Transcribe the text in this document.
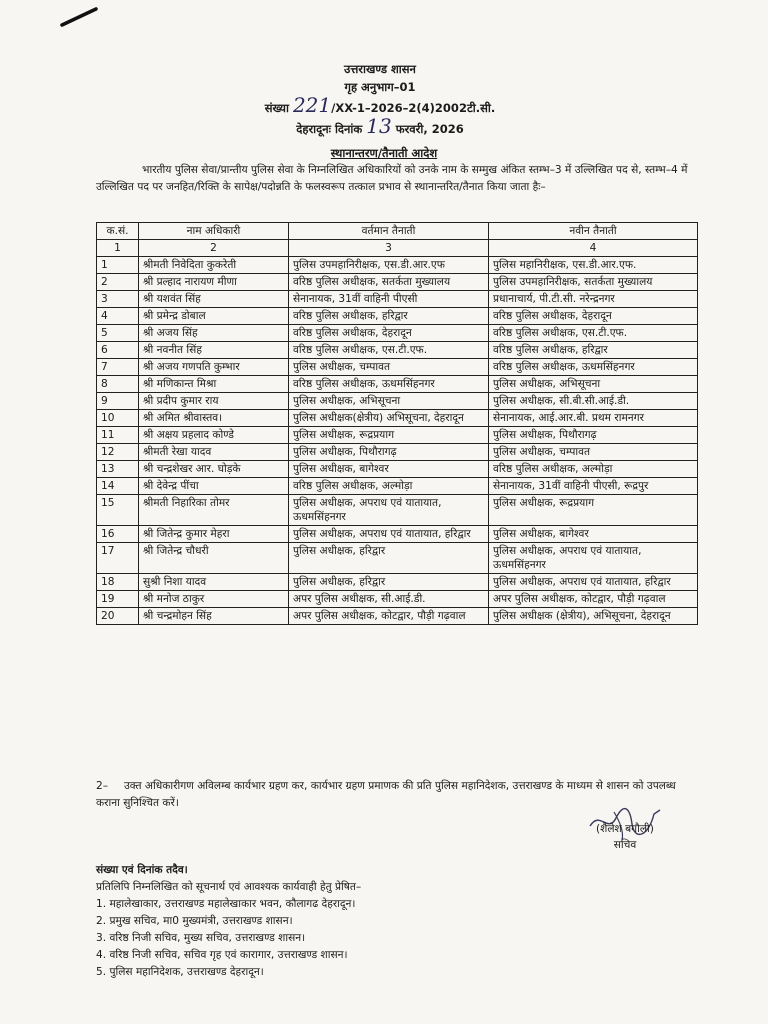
उत्तराखण्ड शासन
गृह अनुभाग–01
संख्या 221/XX-1–2026–2(4)2002टी.सी.
देहरादूनः दिनांक 13 फरवरी, 2026
स्थानान्तरण/तैनाती आदेश
भारतीय पुलिस सेवा/प्रान्तीय पुलिस सेवा के निम्नलिखित अधिकारियों को उनके नाम के सम्मुख अंकित स्तम्भ–3 में उल्लिखित पद से, स्तम्भ–4 में उल्लिखित पद पर जनहित/रिक्ति के सापेक्ष/पदोन्नति के फलस्वरूप तत्काल प्रभाव से स्थानान्तरित/तैनात किया जाता हैः–
क.सं.	नाम अधिकारी	वर्तमान तैनाती	नवीन तैनाती
1	2	3	4
1	श्रीमती निवेदिता कुकरेती	पुलिस उपमहानिरीक्षक, एस.डी.आर.एफ	पुलिस महानिरीक्षक, एस.डी.आर.एफ.
2	श्री प्रल्हाद नारायण मीणा	वरिष्ठ पुलिस अधीक्षक, सतर्कता मुख्यालय	पुलिस उपमहानिरीक्षक, सतर्कता मुख्यालय
3	श्री यशवंत सिंह	सेनानायक, 31वीं वाहिनी पीएसी	प्रधानाचार्य, पी.टी.सी. नरेन्द्रनगर
4	श्री प्रमेन्द्र डोबाल	वरिष्ठ पुलिस अधीक्षक, हरिद्वार	वरिष्ठ पुलिस अधीक्षक, देहरादून
5	श्री अजय सिंह	वरिष्ठ पुलिस अधीक्षक, देहरादून	वरिष्ठ पुलिस अधीक्षक, एस.टी.एफ.
6	श्री नवनीत सिंह	वरिष्ठ पुलिस अधीक्षक, एस.टी.एफ.	वरिष्ठ पुलिस अधीक्षक, हरिद्वार
7	श्री अजय गणपति कुम्भार	पुलिस अधीक्षक, चम्पावत	वरिष्ठ पुलिस अधीक्षक, ऊधमसिंहनगर
8	श्री मणिकान्त मिश्रा	वरिष्ठ पुलिस अधीक्षक, ऊधमसिंहनगर	पुलिस अधीक्षक, अभिसूचना
9	श्री प्रदीप कुमार राय	पुलिस अधीक्षक, अभिसूचना	पुलिस अधीक्षक, सी.बी.सी.आई.डी.
10	श्री अमित श्रीवास्तव।	पुलिस अधीक्षक(क्षेत्रीय) अभिसूचना, देहरादून	सेनानायक, आई.आर.बी. प्रथम रामनगर
11	श्री अक्षय प्रहलाद कोण्डे	पुलिस अधीक्षक, रूद्रप्रयाग	पुलिस अधीक्षक, पिथौरागढ़
12	श्रीमती रेखा यादव	पुलिस अधीक्षक, पिथौरागढ़	पुलिस अधीक्षक, चम्पावत
13	श्री चन्द्रशेखर आर. घोड़के	पुलिस अधीक्षक, बागेश्वर	वरिष्ठ पुलिस अधीक्षक, अल्मोड़ा
14	श्री देवेन्द्र पींचा	वरिष्ठ पुलिस अधीक्षक, अल्मोड़ा	सेनानायक, 31वीं वाहिनी पीएसी, रूद्रपुर
15	श्रीमती निहारिका तोमर	पुलिस अधीक्षक, अपराध एवं यातायात, ऊधमसिंहनगर	पुलिस अधीक्षक, रूद्रप्रयाग
16	श्री जितेन्द्र कुमार मेहरा	पुलिस अधीक्षक, अपराध एवं यातायात, हरिद्वार	पुलिस अधीक्षक, बागेश्वर
17	श्री जितेन्द्र चौधरी	पुलिस अधीक्षक, हरिद्वार	पुलिस अधीक्षक, अपराध एवं यातायात, ऊधमसिंहनगर
18	सुश्री निशा यादव	पुलिस अधीक्षक, हरिद्वार	पुलिस अधीक्षक, अपराध एवं यातायात, हरिद्वार
19	श्री मनोज ठाकुर	अपर पुलिस अधीक्षक, सी.आई.डी.	अपर पुलिस अधीक्षक, कोटद्वार, पौड़ी गढ़वाल
20	श्री चन्द्रमोहन सिंह	अपर पुलिस अधीक्षक, कोटद्वार, पौड़ी गढ़वाल	पुलिस अधीक्षक (क्षेत्रीय), अभिसूचना, देहरादून
2– उक्त अधिकारीगण अविलम्ब कार्यभार ग्रहण कर, कार्यभार ग्रहण प्रमाणक की प्रति पुलिस महानिदेशक, उत्तराखण्ड के माध्यम से शासन को उपलब्ध कराना सुनिश्चित करें।
(शैलेश बगौली)
सचिव
संख्या एवं दिनांक तदैव।
प्रतिलिपि निम्नलिखित को सूचनार्थ एवं आवश्यक कार्यवाही हेतु प्रेषित–
1. महालेखाकार, उत्तराखण्ड महालेखाकार भवन, कौलागढ देहरादून।
2. प्रमुख सचिव, मा0 मुख्यमंत्री, उत्तराखण्ड शासन।
3. वरिष्ठ निजी सचिव, मुख्य सचिव, उत्तराखण्ड शासन।
4. वरिष्ठ निजी सचिव, सचिव गृह एवं कारागार, उत्तराखण्ड शासन।
5. पुलिस महानिदेशक, उत्तराखण्ड देहरादून।
